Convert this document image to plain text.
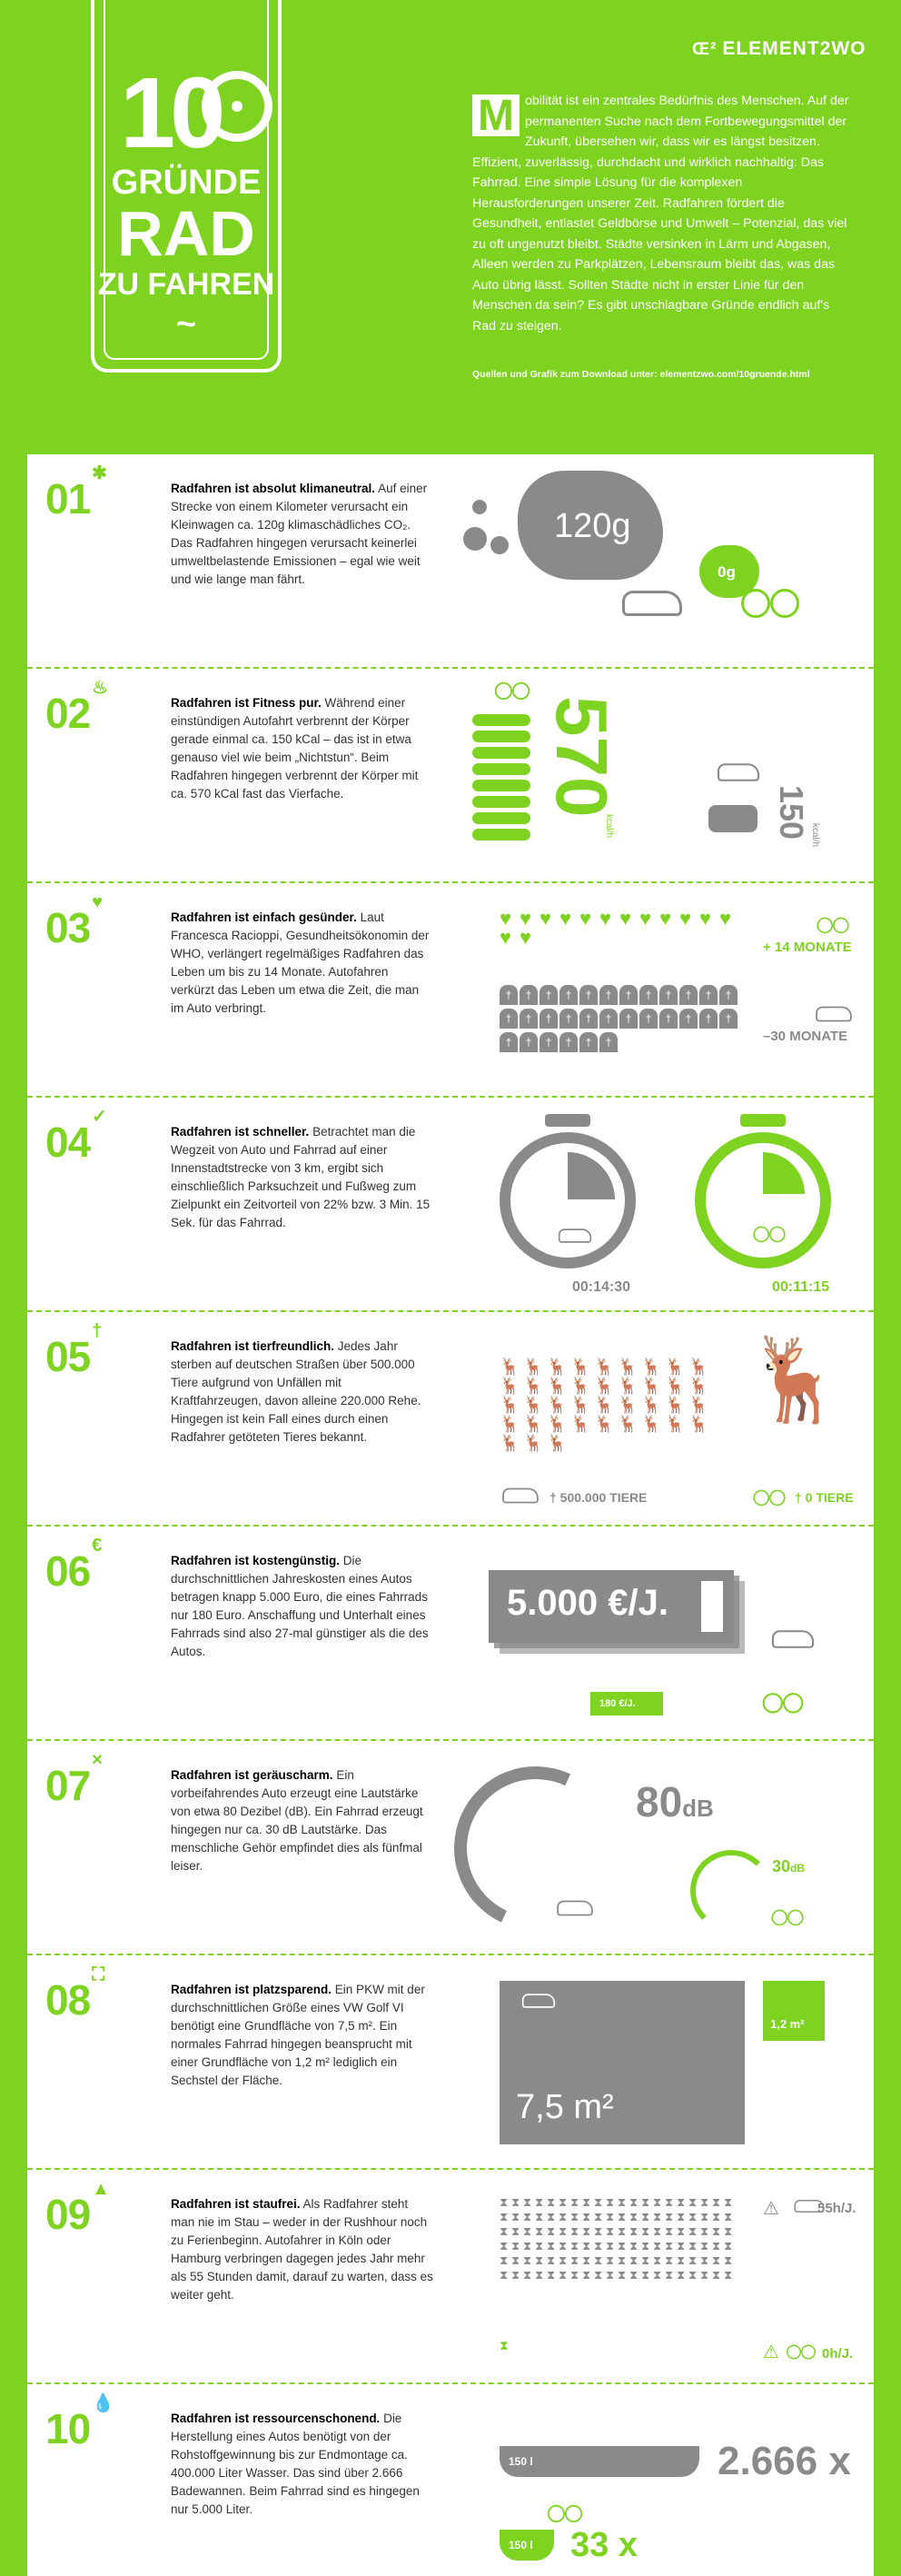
10
GRÜNDE
RAD
ZU FAHREN
~
Œ² ELEMENT2WO
M obilität ist ein zentrales Bedürfnis des Menschen. Auf der permanenten Suche nach dem Fortbewegungsmittel der Zukunft, übersehen wir, dass wir es längst besitzen. Effizient, zuverlässig, durchdacht und wirklich nachhaltig: Das Fahrrad. Eine simple Lösung für die komplexen Herausforderungen unserer Zeit. Radfahren fördert die Gesundheit, entlastet Geldbörse und Umwelt – Potenzial, das viel zu oft ungenutzt bleibt. Städte versinken in Lärm und Abgasen, Alleen werden zu Parkplätzen, Lebensraum bleibt das, was das Auto übrig lässt. Sollten Städte nicht in erster Linie für den Menschen da sein? Es gibt unschlagbare Gründe endlich auf's Rad zu steigen.
Quellen und Grafik zum Download unter: elementzwo.com/10gruende.html
01✱
Radfahren ist absolut klimaneutral. Auf einer Strecke von einem Kilometer verursacht ein Kleinwagen ca. 120g klimaschädliches CO₂. Das Radfahren hingegen verursacht keinerlei umweltbelastende Emissionen – egal wie weit und wie lange man fährt.
120g
0g
02♨
Radfahren ist Fitness pur. Während einer einstündigen Autofahrt verbrennt der Körper gerade einmal ca. 150 kCal – das ist in etwa genauso viel wie beim „Nichtstun“. Beim Radfahren hingegen verbrennt der Körper mit ca. 570 kCal fast das Vierfache.	570
kcal/h	150 kcal/h
03♥
Radfahren ist einfach gesünder. Laut Francesca Racioppi, Gesundheitsökonomin der WHO, verlängert regelmäßiges Radfahren das Leben um bis zu 14 Monate. Autofahren verkürzt das Leben um etwa die Zeit, die man im Auto verbringt.
♥ ♥ ♥ ♥ ♥ ♥ ♥ ♥ ♥ ♥ ♥ ♥♥ ♥	+ 14 MONATE
† † † † † † † † † † † †† † † † † † † † † † † †† † † † † †	–30 MONATE
04✓
Radfahren ist schneller. Betrachtet man die Wegzeit von Auto und Fahrrad auf einer Innenstadtstrecke von 3 km, ergibt sich einschließlich Parksuchzeit und Fußweg zum Zielpunkt ein Zeitvorteil von 22% bzw. 3 Min. 15 Sek. für das Fahrrad.
00:14:30	00:11:15
05†
Radfahren ist tierfreundlich. Jedes Jahr sterben auf deutschen Straßen über 500.000 Tiere aufgrund von Unfällen mit Kraftfahrzeugen, davon alleine 220.000 Rehe. Hingegen ist kein Fall eines durch einen Radfahrer getöteten Tieres bekannt.
🦌 🦌 🦌 🦌 🦌 🦌 🦌 🦌 🦌🦌 🦌 🦌 🦌 🦌 🦌 🦌 🦌 🦌🦌 🦌 🦌 🦌 🦌 🦌 🦌 🦌 🦌🦌 🦌 🦌 🦌 🦌 🦌 🦌 🦌 🦌🦌 🦌 🦌
† 500.000 TIERE
🦌
† 0 TIERE
06€
Radfahren ist kostengünstig. Die durchschnittlichen Jahreskosten eines Autos betragen knapp 5.000 Euro, die eines Fahrrads nur 180 Euro. Anschaffung und Unterhalt eines Fahrrads sind also 27-mal günstiger als die des Autos.
5.000 €/J.
180 €/J.
07×
Radfahren ist geräuscharm. Ein vorbeifahrendes Auto erzeugt eine Lautstärke von etwa 80 Dezibel (dB). Ein Fahrrad erzeugt hingegen nur ca. 30 dB Lautstärke. Das menschliche Gehör empfindet dies als fünfmal leiser.
80dB
30dB
08⛶
Radfahren ist platzsparend. Ein PKW mit der durchschnittlichen Größe eines VW Golf VI benötigt eine Grundfläche von 7,5 m². Ein normales Fahrrad hingegen beansprucht mit einer Grundfläche von 1,2 m² lediglich ein Sechstel der Fläche.
7,5 m²
1,2 m²
09▲
Radfahren ist staufrei. Als Radfahrer steht man nie im Stau – weder in der Rushhour noch zu Ferienbeginn. Autofahrer in Köln oder Hamburg verbringen dagegen jedes Jahr mehr als 55 Stunden damit, darauf zu warten, dass es weiter geht.
⧗ ⧗ ⧗ ⧗ ⧗ ⧗ ⧗ ⧗ ⧗ ⧗ ⧗ ⧗ ⧗ ⧗ ⧗ ⧗ ⧗ ⧗ ⧗ ⧗ ⧗ ⧗ ⧗ ⧗ ⧗ ⧗ ⧗ ⧗ ⧗ ⧗ ⧗ ⧗ ⧗ ⧗ ⧗ ⧗ ⧗ ⧗ ⧗ ⧗ ⧗ ⧗ ⧗ ⧗ ⧗ ⧗ ⧗ ⧗ ⧗ ⧗ ⧗ ⧗ ⧗ ⧗ ⧗ ⧗ ⧗ ⧗ ⧗ ⧗ ⧗ ⧗ ⧗ ⧗ ⧗ ⧗ ⧗ ⧗ ⧗ ⧗ ⧗ ⧗ ⧗ ⧗ ⧗ ⧗ ⧗ ⧗ ⧗ ⧗ ⧗ ⧗ ⧗ ⧗ ⧗ ⧗ ⧗ ⧗ ⧗ ⧗ ⧗ ⧗ ⧗ ⧗ ⧗ ⧗ ⧗ ⧗ ⧗ ⧗ ⧗ ⧗ ⧗ ⧗ ⧗ ⧗ ⧗ ⧗ ⧗ ⧗ ⧗ ⧗ ⧗ ⧗ ⧗ ⧗ ⧗ ⧗ ⧗ ⧗
⚠	55h/J.
⧗	⚠	0h/J.
10💧
Radfahren ist ressourcenschonend. Die Herstellung eines Autos benötigt von der Rohstoffgewinnung bis zur Endmontage ca. 400.000 Liter Wasser. Das sind über 2.666 Badewannen. Beim Fahrrad sind es hingegen nur 5.000 Liter.
150 l	2.666 x
150 l	33 x
